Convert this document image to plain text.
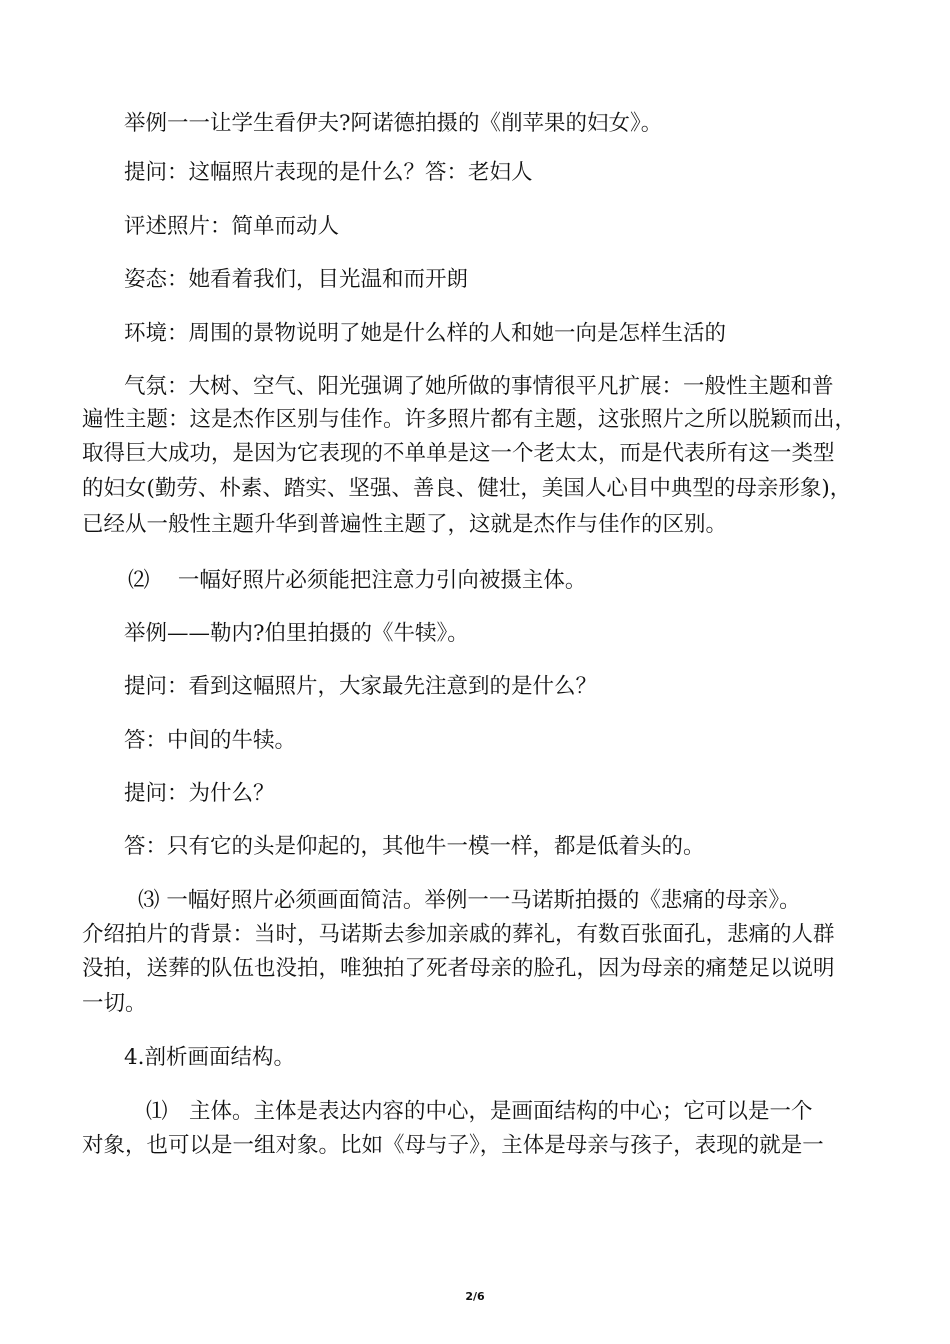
举例一一让学生看伊夫?阿诺德拍摄的《削苹果的妇女》。

提问：这幅照片表现的是什么？答：老妇人

评述照片：简单而动人

姿态：她看着我们，目光温和而开朗

环境：周围的景物说明了她是什么样的人和她一向是怎样生活的

气氛：大树、空气、阳光强调了她所做的事情很平凡扩展：一般性主题和普

遍性主题：这是杰作区别与佳作。许多照片都有主题，这张照片之所以脱颖而出，

取得巨大成功，是因为它表现的不单单是这一个老太太，而是代表所有这一类型

的妇女(勤劳、朴素、踏实、坚强、善良、健壮，美国人心目中典型的母亲形象)，

已经从一般性主题升华到普遍性主题了，这就是杰作与佳作的区别。

⑵　 一幅好照片必须能把注意力引向被摄主体。

举例——勒内?伯里拍摄的《牛犊》。

提问：看到这幅照片，大家最先注意到的是什么？

答：中间的牛犊。

提问：为什么？

答：只有它的头是仰起的，其他牛一模一样，都是低着头的。

⑶ 一幅好照片必须画面简洁。举例一一马诺斯拍摄的《悲痛的母亲》。

介绍拍片的背景：当时，马诺斯去参加亲戚的葬礼，有数百张面孔，悲痛的人群

没拍，送葬的队伍也没拍，唯独拍了死者母亲的脸孔，因为母亲的痛楚足以说明

一切。

4.剖析画面结构。

⑴　主体。主体是表达内容的中心，是画面结构的中心；它可以是一个

对象，也可以是一组对象。比如《母与子》，主体是母亲与孩子，表现的就是一

2/6
